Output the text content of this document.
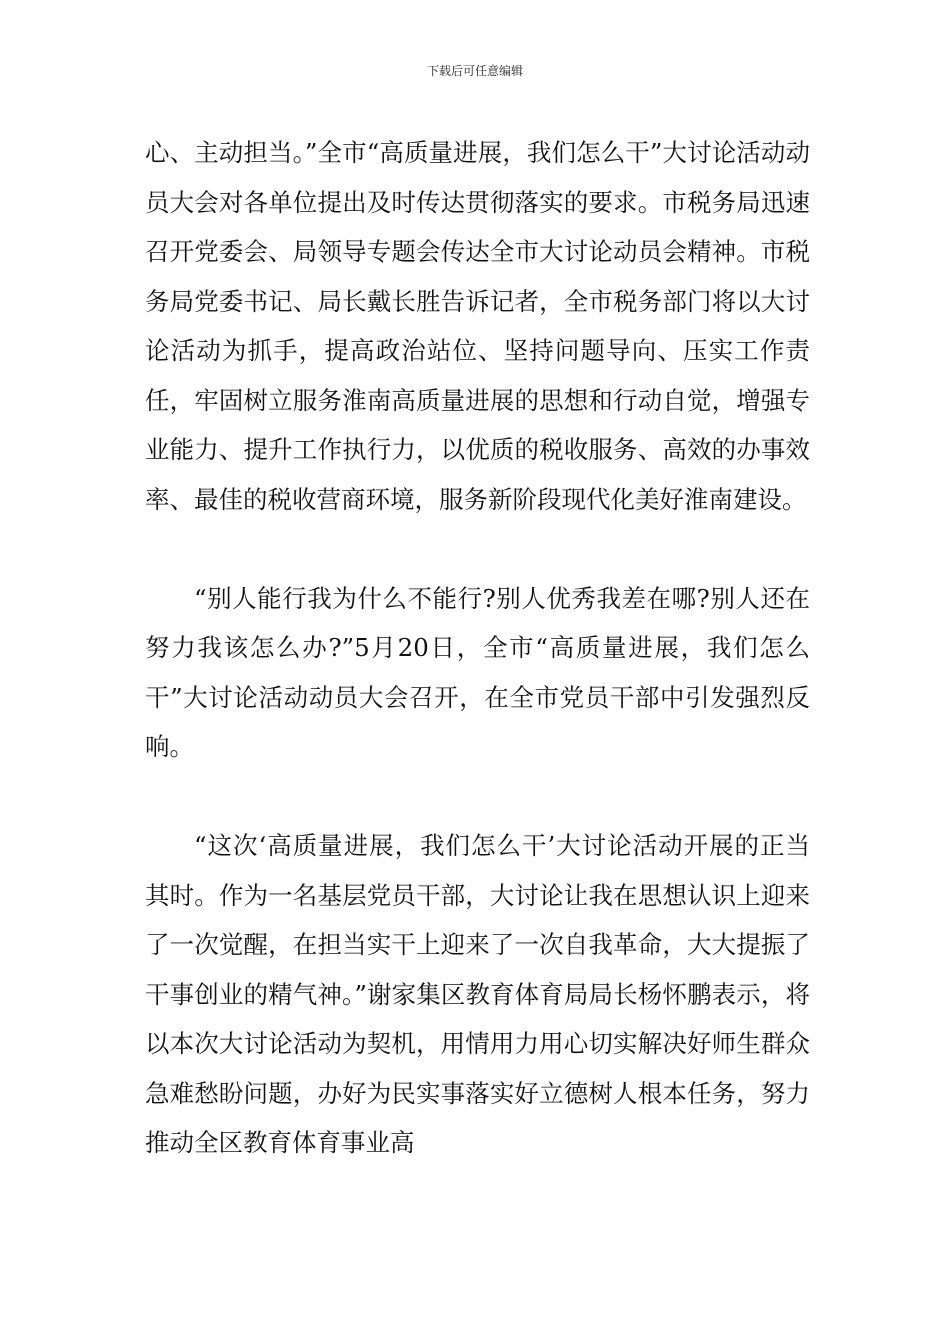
下载后可任意编辑

心、主动担当。”全市“高质量进展，我们怎么干”大讨论活动动员大会对各单位提出及时传达贯彻落实的要求。市税务局迅速召开党委会、局领导专题会传达全市大讨论动员会精神。市税务局党委书记、局长戴长胜告诉记者，全市税务部门将以大讨论活动为抓手，提高政治站位、坚持问题导向、压实工作责任，牢固树立服务淮南高质量进展的思想和行动自觉，增强专业能力、提升工作执行力，以优质的税收服务、高效的办事效率、最佳的税收营商环境，服务新阶段现代化美好淮南建设。

“别人能行我为什么不能行?别人优秀我差在哪?别人还在努力我该怎么办?”5月20日，全市“高质量进展，我们怎么干”大讨论活动动员大会召开，在全市党员干部中引发强烈反响。

“这次‘高质量进展，我们怎么干’大讨论活动开展的正当其时。作为一名基层党员干部，大讨论让我在思想认识上迎来了一次觉醒，在担当实干上迎来了一次自我革命，大大提振了干事创业的精气神。”谢家集区教育体育局局长杨怀鹏表示，将以本次大讨论活动为契机，用情用力用心切实解决好师生群众急难愁盼问题，办好为民实事落实好立德树人根本任务，努力推动全区教育体育事业高
